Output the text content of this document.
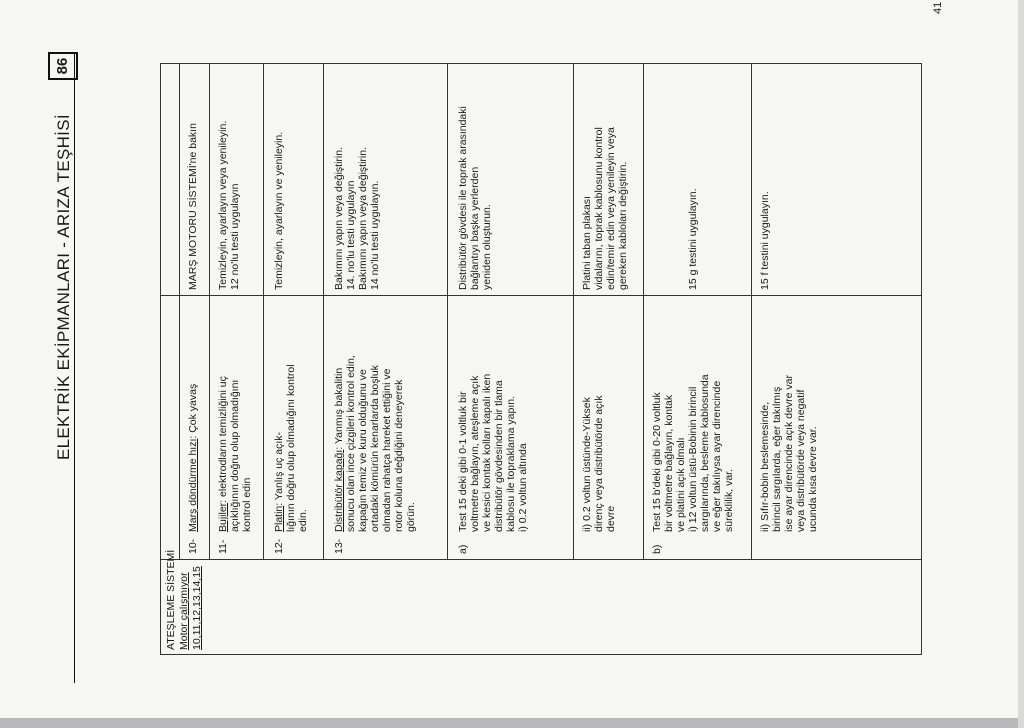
ELEKTRİK EKİPMANLARI - ARIZA TEŞHİSİ
86
41
ATEŞLEME SİSTEMİ Motor çalışmıyor 10,11,12,13,14,15
10-
Marş döndürme hızı: Çok yavaş
MARŞ MOTORU SİSTEMİ'ne bakın
11-
Bujiler: elektrodların temizliğini uç açıklığının doğru olup olmadığını kontrol edin
Temizleyin, ayarlayın veya yenileyin. 12 no'lu testi uygulayın
12-
Platin: Yanlış uç açık- lığının doğru olup olmadığını kontrol edin.
Temizleyin, ayarlayın ve yenileyin.
13-
Distribütör kapağı: Yanmış bakalitin sonucu olan ince çizgileri kontrol edin, kapağın temiz ve kuru olduğunu ve ortadaki kömürün kenarlarda boşluk olmadan rahatça hareket ettiğini ve rotor koluna değdiğini deneyerek görün.
Bakımını yapın veya değiştirin. 14. no'lu testi uygulayın Bakımını yapın veya değiştirin. 14 no'lu testi uygulayın.
a)
Test 15 deki gibi 0-1 voltluk bir voltmetre bağlayın, ateşleme açık ve kesici kontak kolları kapalı iken distribütör gövdesinden bir tlama kablosu ile topraklama yapın. i) 0.2 voltun altında
Distribütör gövdesi ile toprak arasındaki bağlantıyı başka yerlerden yeniden oluşturun.
ii) 0.2 voltun üstünde-Yüksek direnç veya distribütörde açık devre
Platini taban plakası vidalarını, toprak kablosunu kontrol edin/temir edin veya yenileyin veya gereken kabloları değiştirin.
b)
Test 15 b'deki gibi 0-20 voltluk bir voltmetre bağlayın, kontak ve platini açık olmalı i) 12 voltun üstü-Bobinin birincil sargılarında, besleme kablosunda ve eğer takılıysa ayar direncinde süreklilik, var.
15 g testini uygulayın.
ii) Sıfır-bobin beslemesinde, birincil sargılarda, eğer takılmış ise ayar direncinde açık devre var veya distribütörde veya negatif ucunda kısa devre var.
15 f testini uygulayın.
